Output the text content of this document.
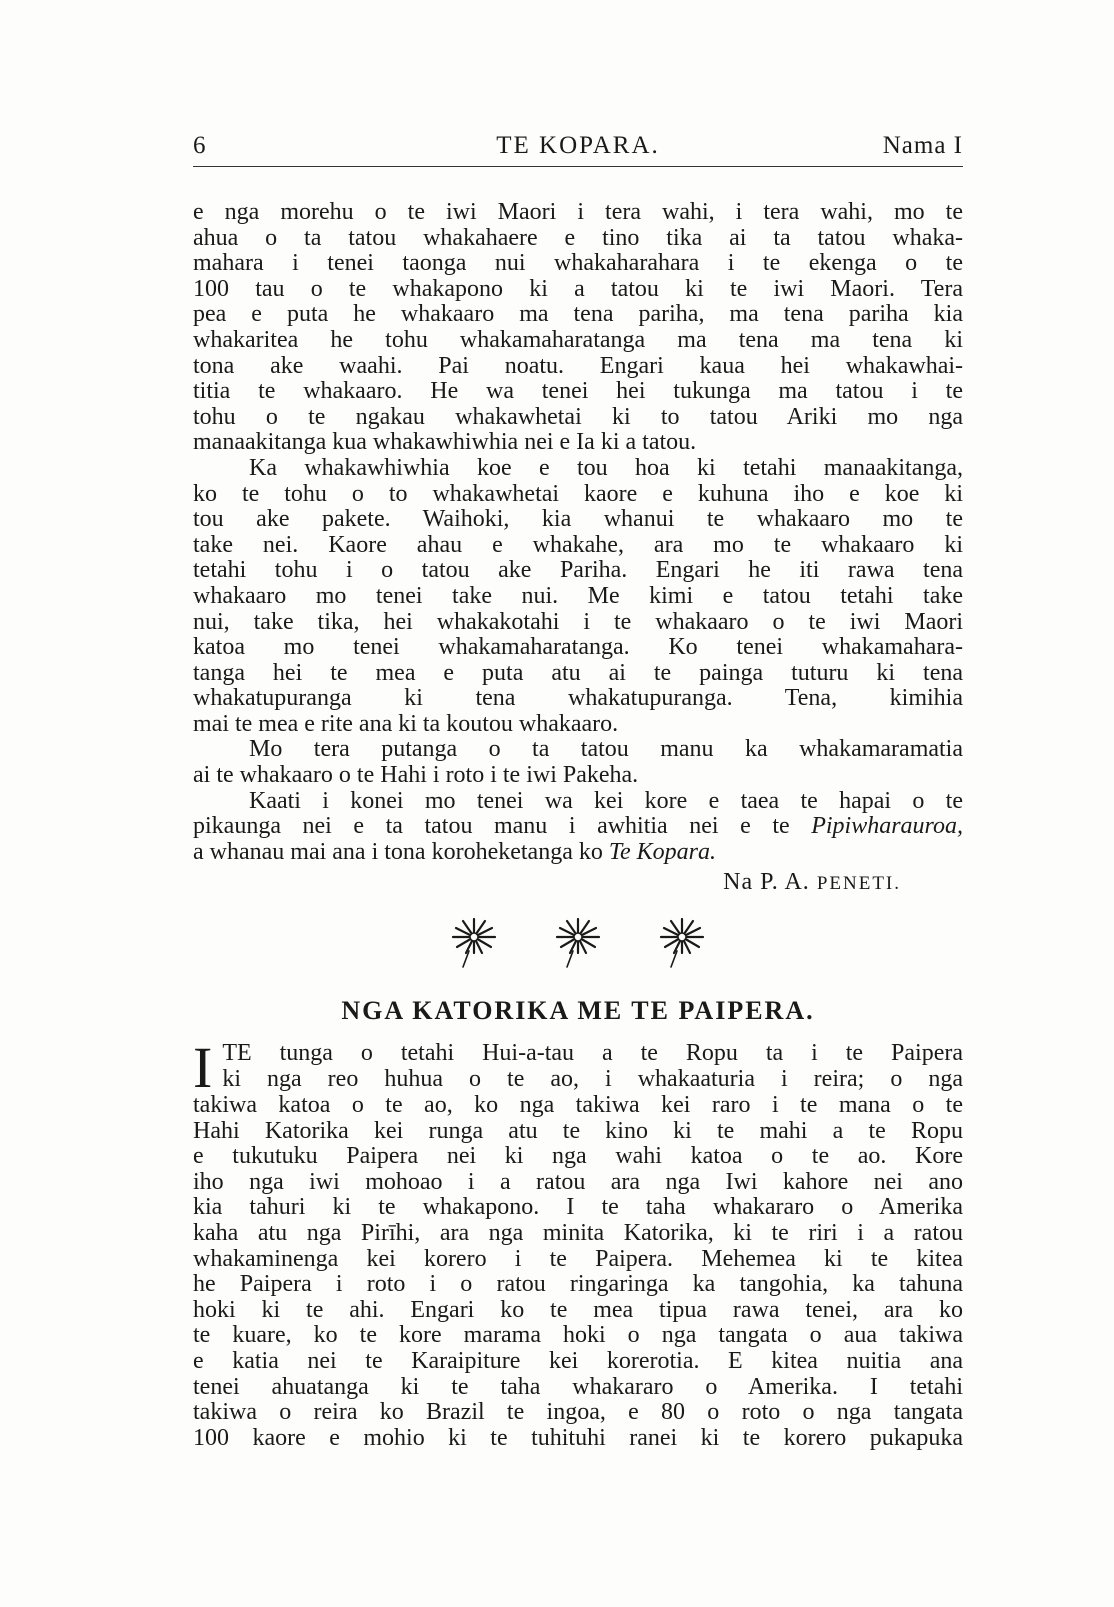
6	TE KOPARA.	Nama I
e nga morehu o te iwi Maori i tera wahi, i tera wahi, mo te
ahua o ta tatou whakahaere e tino tika ai ta tatou whaka-
mahara i tenei taonga nui whakaharahara i te ekenga o te
100 tau o te whakapono ki a tatou ki te iwi Maori. Tera
pea e puta he whakaaro ma tena pariha, ma tena pariha kia
whakaritea he tohu whakamaharatanga ma tena ma tena ki
tona ake waahi. Pai noatu. Engari kaua hei whakawhai-
titia te whakaaro. He wa tenei hei tukunga ma tatou i te
tohu o te ngakau whakawhetai ki to tatou Ariki mo nga
manaakitanga kua whakawhiwhia nei e Ia ki a tatou.
Ka whakawhiwhia koe e tou hoa ki tetahi manaakitanga,
ko te tohu o to whakawhetai kaore e kuhuna iho e koe ki
tou ake pakete. Waihoki, kia whanui te whakaaro mo te
take nei. Kaore ahau e whakahe, ara mo te whakaaro ki
tetahi tohu i o tatou ake Pariha. Engari he iti rawa tena
whakaaro mo tenei take nui. Me kimi e tatou tetahi take
nui, take tika, hei whakakotahi i te whakaaro o te iwi Maori
katoa mo tenei whakamaharatanga. Ko tenei whakamahara-
tanga hei te mea e puta atu ai te painga tuturu ki tena
whakatupuranga ki tena whakatupuranga. Tena, kimihia
mai te mea e rite ana ki ta koutou whakaaro.
Mo tera putanga o ta tatou manu ka whakamaramatia
ai te whakaaro o te Hahi i roto i te iwi Pakeha.
Kaati i konei mo tenei wa kei kore e taea te hapai o te
pikaunga nei e ta tatou manu i awhitia nei e te Pipiwharauroa,
a whanau mai ana i tona koroheketanga ko Te Kopara.
Na P. A. PENETI.
NGA KATORIKA ME TE PAIPERA.
I TE tunga o tetahi Hui-a-tau a te Ropu ta i te Paipera
ki nga reo huhua o te ao, i whakaaturia i reira; o nga
takiwa katoa o te ao, ko nga takiwa kei raro i te mana o te
Hahi Katorika kei runga atu te kino ki te mahi a te Ropu
e tukutuku Paipera nei ki nga wahi katoa o te ao. Kore
iho nga iwi mohoao i a ratou ara nga Iwi kahore nei ano
kia tahuri ki te whakapono. I te taha whakararo o Amerika
kaha atu nga Pirīhi, ara nga minita Katorika, ki te riri i a ratou
whakaminenga kei korero i te Paipera. Mehemea ki te kitea
he Paipera i roto i o ratou ringaringa ka tangohia, ka tahuna
hoki ki te ahi. Engari ko te mea tipua rawa tenei, ara ko
te kuare, ko te kore marama hoki o nga tangata o aua takiwa
e katia nei te Karaipiture kei korerotia. E kitea nuitia ana
tenei ahuatanga ki te taha whakararo o Amerika. I tetahi
takiwa o reira ko Brazil te ingoa, e 80 o roto o nga tangata
100 kaore e mohio ki te tuhituhi ranei ki te korero pukapuka
